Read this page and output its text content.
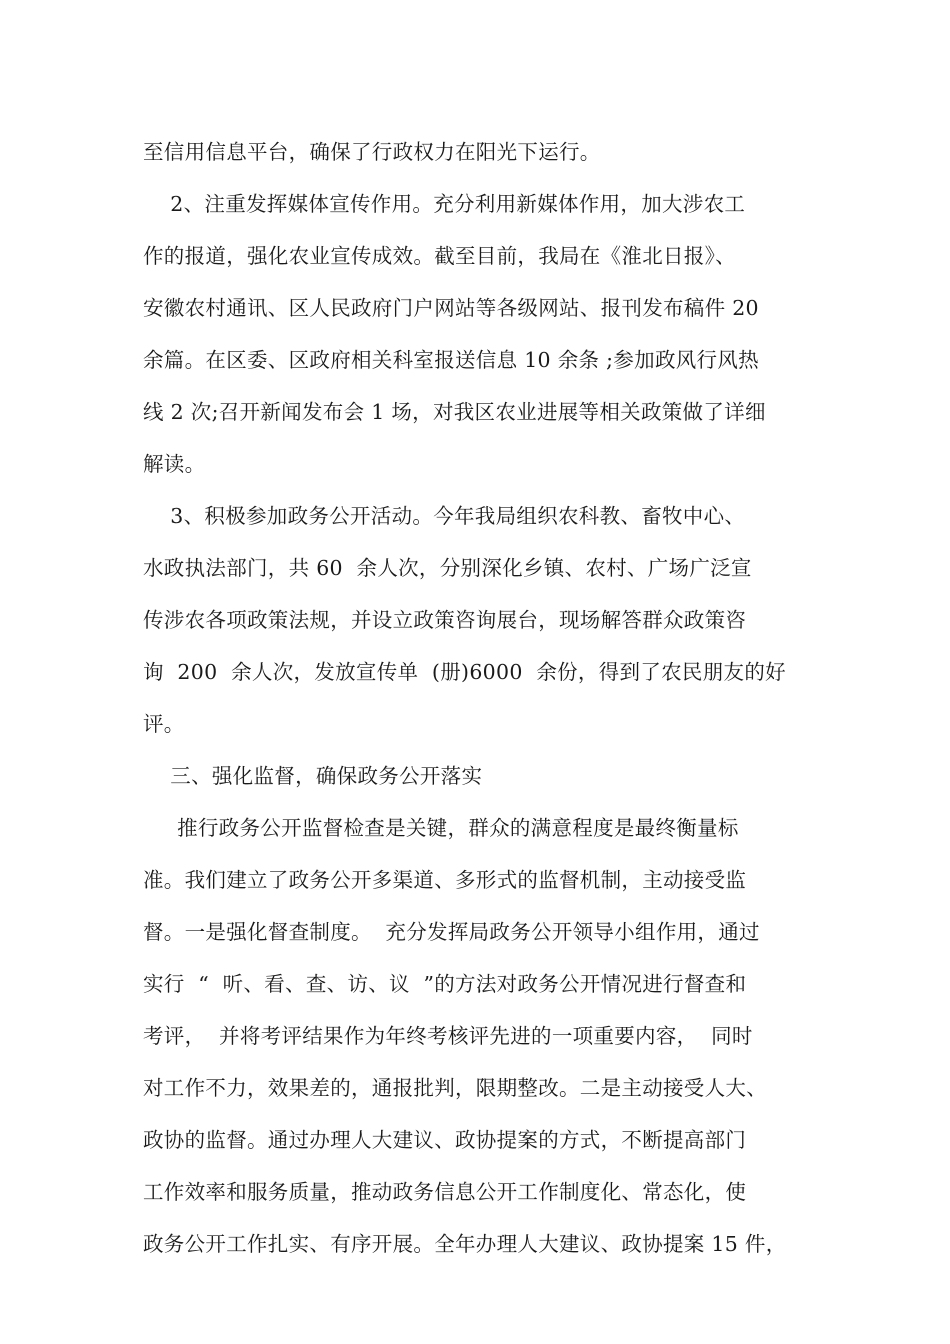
至信用信息平台，确保了行政权力在阳光下运行。
2、注重发挥媒体宣传作用。充分利用新媒体作用，加大涉农工
作的报道，强化农业宣传成效。截至目前，我局在《淮北日报》、
安徽农村通讯、区人民政府门户网站等各级网站、报刊发布稿件 20
余篇。在区委、区政府相关科室报送信息 10 余条 ;参加政风行风热
线 2 次;召开新闻发布会 1 场，对我区农业进展等相关政策做了详细
解读。
3、积极参加政务公开活动。今年我局组织农科教、畜牧中心、
水政执法部门，共 60  余人次，分别深化乡镇、农村、广场广泛宣
传涉农各项政策法规，并设立政策咨询展台，现场解答群众政策咨
询  200  余人次，发放宣传单  (册)6000  余份，得到了农民朋友的好
评。
三、强化监督，确保政务公开落实
推行政务公开监督检查是关键，群众的满意程度是最终衡量标
准。我们建立了政务公开多渠道、多形式的监督机制，主动接受监
督。一是强化督查制度。  充分发挥局政务公开领导小组作用，通过
实行  “  听、看、查、访、议  ”的方法对政务公开情况进行督查和
考评，  并将考评结果作为年终考核评先进的一项重要内容，  同时
对工作不力，效果差的，通报批判，限期整改。二是主动接受人大、
政协的监督。通过办理人大建议、政协提案的方式，不断提高部门
工作效率和服务质量，推动政务信息公开工作制度化、常态化，使
政务公开工作扎实、有序开展。全年办理人大建议、政协提案 15 件，
